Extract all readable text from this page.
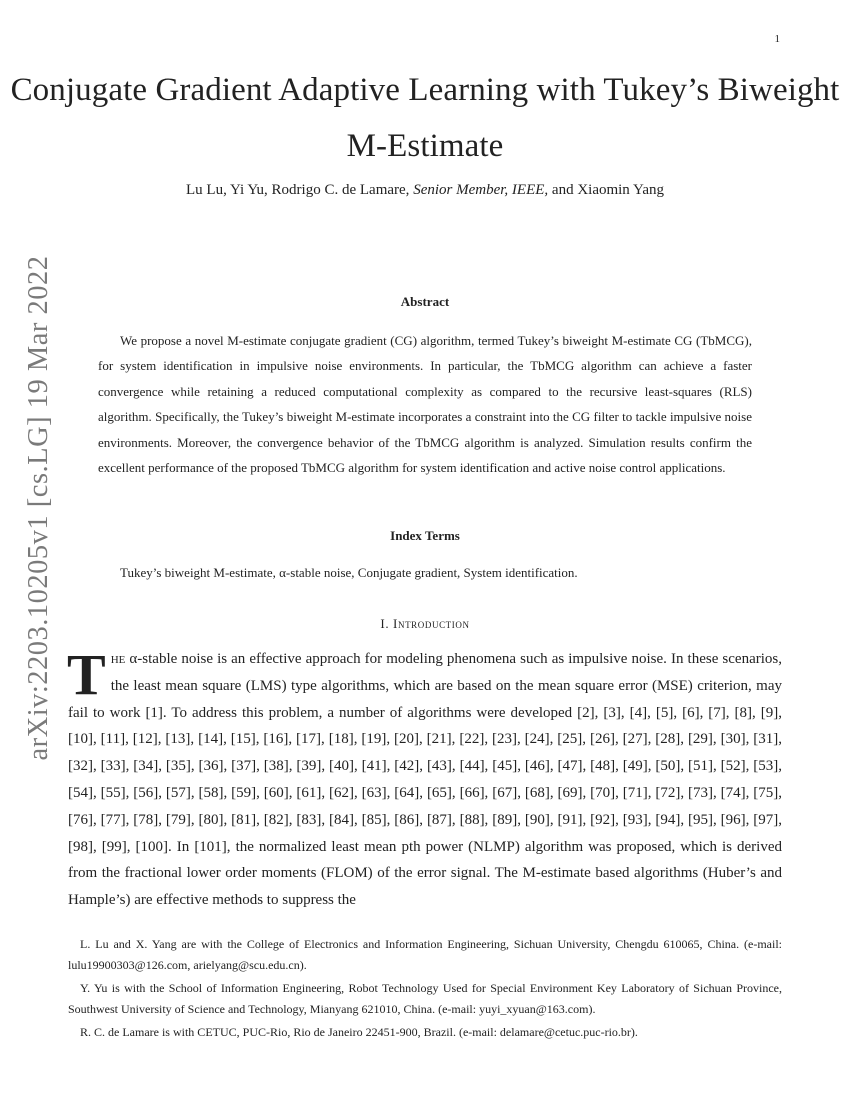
1
Conjugate Gradient Adaptive Learning with Tukey’s Biweight M-Estimate
Lu Lu, Yi Yu, Rodrigo C. de Lamare, Senior Member, IEEE, and Xiaomin Yang
arXiv:2203.10205v1 [cs.LG] 19 Mar 2022	Abstract

We propose a novel M-estimate conjugate gradient (CG) algorithm, termed Tukey’s biweight M-estimate CG (TbMCG), for system identification in impulsive noise environments. In particular, the TbMCG algorithm can achieve a faster convergence while retaining a reduced computational complexity as compared to the recursive least-squares (RLS) algorithm. Specifically, the Tukey’s biweight M-estimate incorporates a constraint into the CG filter to tackle impulsive noise environments. Moreover, the convergence behavior of the TbMCG algorithm is analyzed. Simulation results confirm the excellent performance of the proposed TbMCG algorithm for system identification and active noise control applications.

Index Terms
Tukey’s biweight M-estimate, α-stable noise, Conjugate gradient, System identification.
I. Introduction

The α-stable noise is an effective approach for modeling phenomena such as impulsive noise. In these scenarios, the least mean square (LMS) type algorithms, which are based on the mean square error (MSE) criterion, may fail to work [1]. To address this problem, a number of algorithms were developed [2], [3], [4], [5], [6], [7], [8], [9], [10], [11], [12], [13], [14], [15], [16], [17], [18], [19], [20], [21], [22], [23], [24], [25], [26], [27], [28], [29], [30], [31], [32], [33], [34], [35], [36], [37], [38], [39], [40], [41], [42], [43], [44], [45], [46], [47], [48], [49], [50], [51], [52], [53], [54], [55], [56], [57], [58], [59], [60], [61], [62], [63], [64], [65], [66], [67], [68], [69], [70], [71], [72], [73], [74], [75], [76], [77], [78], [79], [80], [81], [82], [83], [84], [85], [86], [87], [88], [89], [90], [91], [92], [93], [94], [95], [96], [97], [98], [99], [100]. In [101], the normalized least mean pth power (NLMP) algorithm was proposed, which is derived from the fractional lower order moments (FLOM) of the error signal. The M-estimate based algorithms (Huber’s and Hample’s) are effective methods to suppress the

L. Lu and X. Yang are with the College of Electronics and Information Engineering, Sichuan University, Chengdu 610065, China. (e-mail: lulu19900303@126.com, arielyang@scu.edu.cn).

Y. Yu is with the School of Information Engineering, Robot Technology Used for Special Environment Key Laboratory of Sichuan Province, Southwest University of Science and Technology, Mianyang 621010, China. (e-mail: yuyi_xyuan@163.com).

R. C. de Lamare is with CETUC, PUC-Rio, Rio de Janeiro 22451-900, Brazil. (e-mail: delamare@cetuc.puc-rio.br).
